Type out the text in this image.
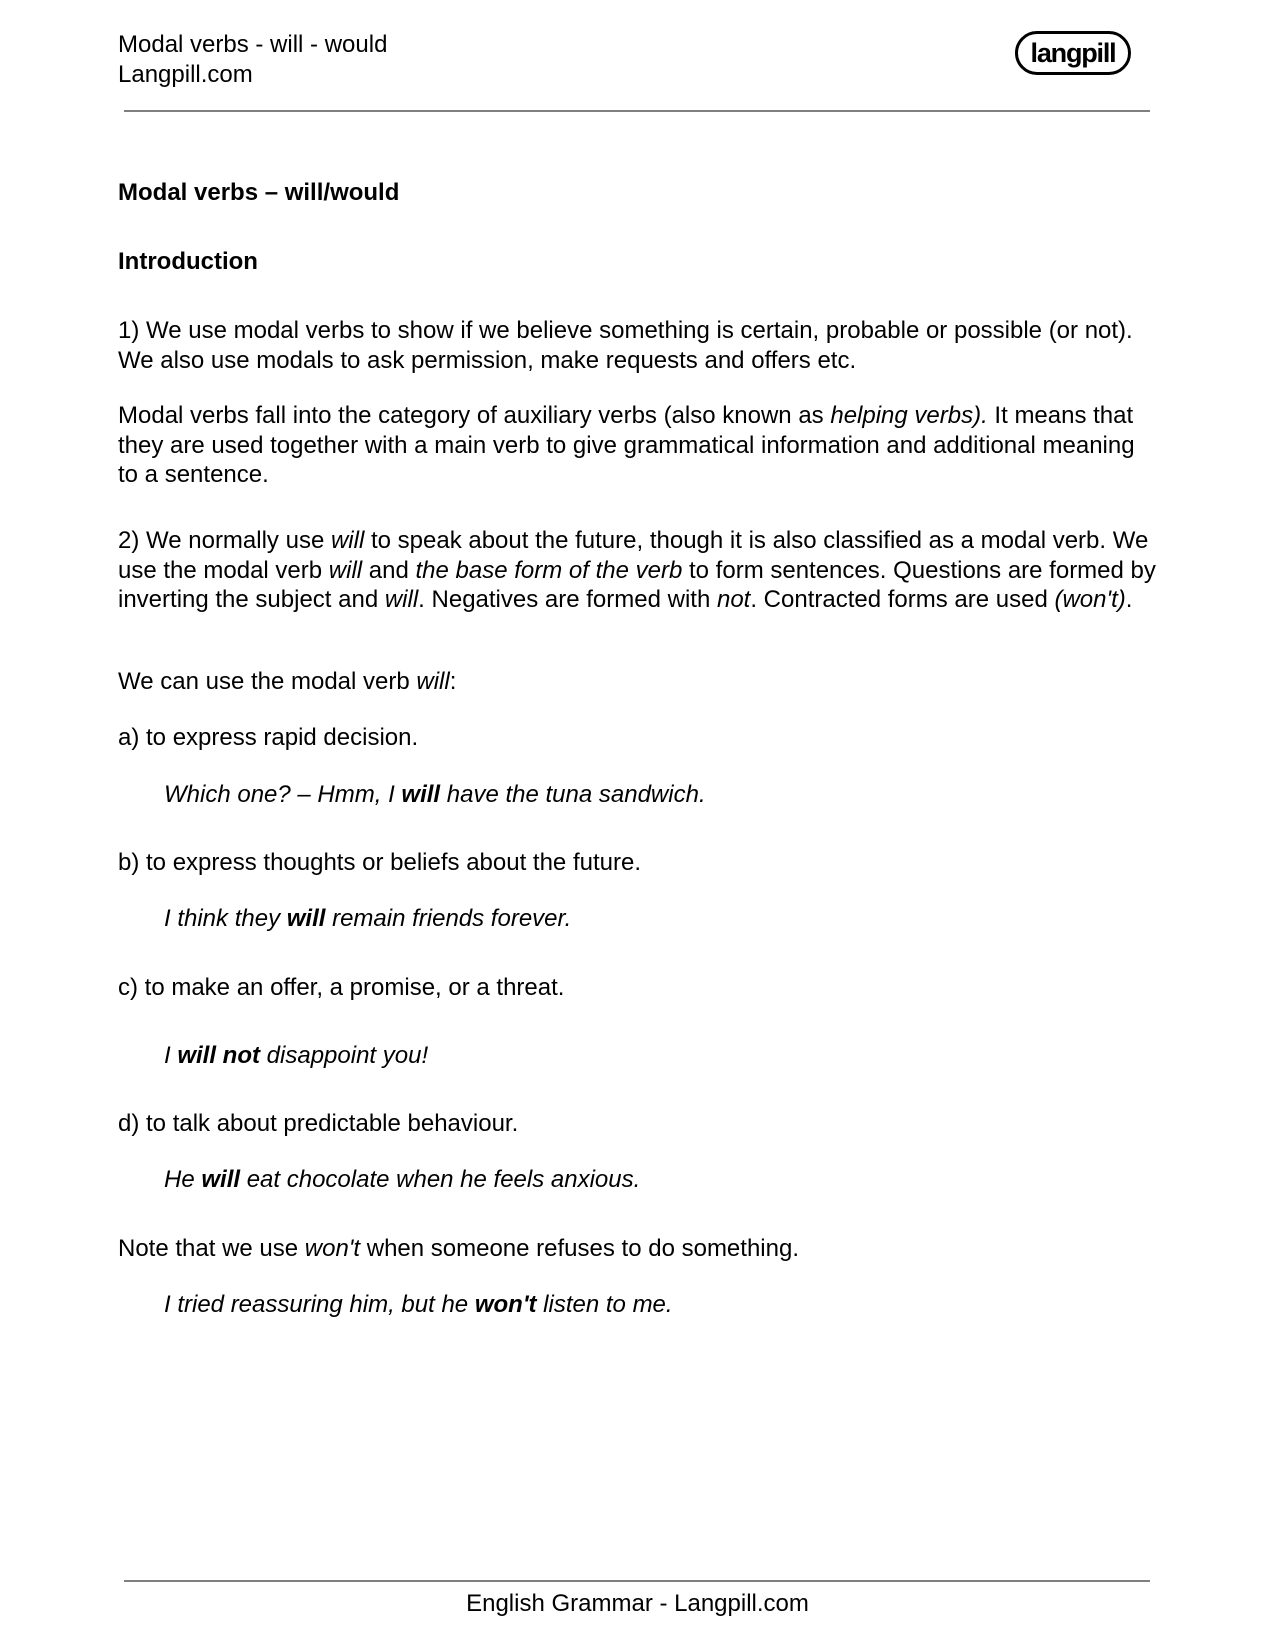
Modal verbs - will - would
Langpill.com
langpill
Modal verbs – will/would
Introduction
1) We use modal verbs to show if we believe something is certain, probable or possible (or not). We also use modals to ask permission, make requests and offers etc.
Modal verbs fall into the category of auxiliary verbs (also known as helping verbs). It means that they are used together with a main verb to give grammatical information and additional meaning to a sentence.
2) We normally use will to speak about the future, though it is also classified as a modal verb. We use the modal verb will and the base form of the verb to form sentences. Questions are formed by inverting the subject and will. Negatives are formed with not. Contracted forms are used (won't).
We can use the modal verb will:
a) to express rapid decision.
Which one? – Hmm, I will have the tuna sandwich.
b) to express thoughts or beliefs about the future.
I think they will remain friends forever.
c) to make an offer, a promise, or a threat.
I will not disappoint you!
d) to talk about predictable behaviour.
He will eat chocolate when he feels anxious.
Note that we use won't when someone refuses to do something.
I tried reassuring him, but he won't listen to me.
English Grammar - Langpill.com
